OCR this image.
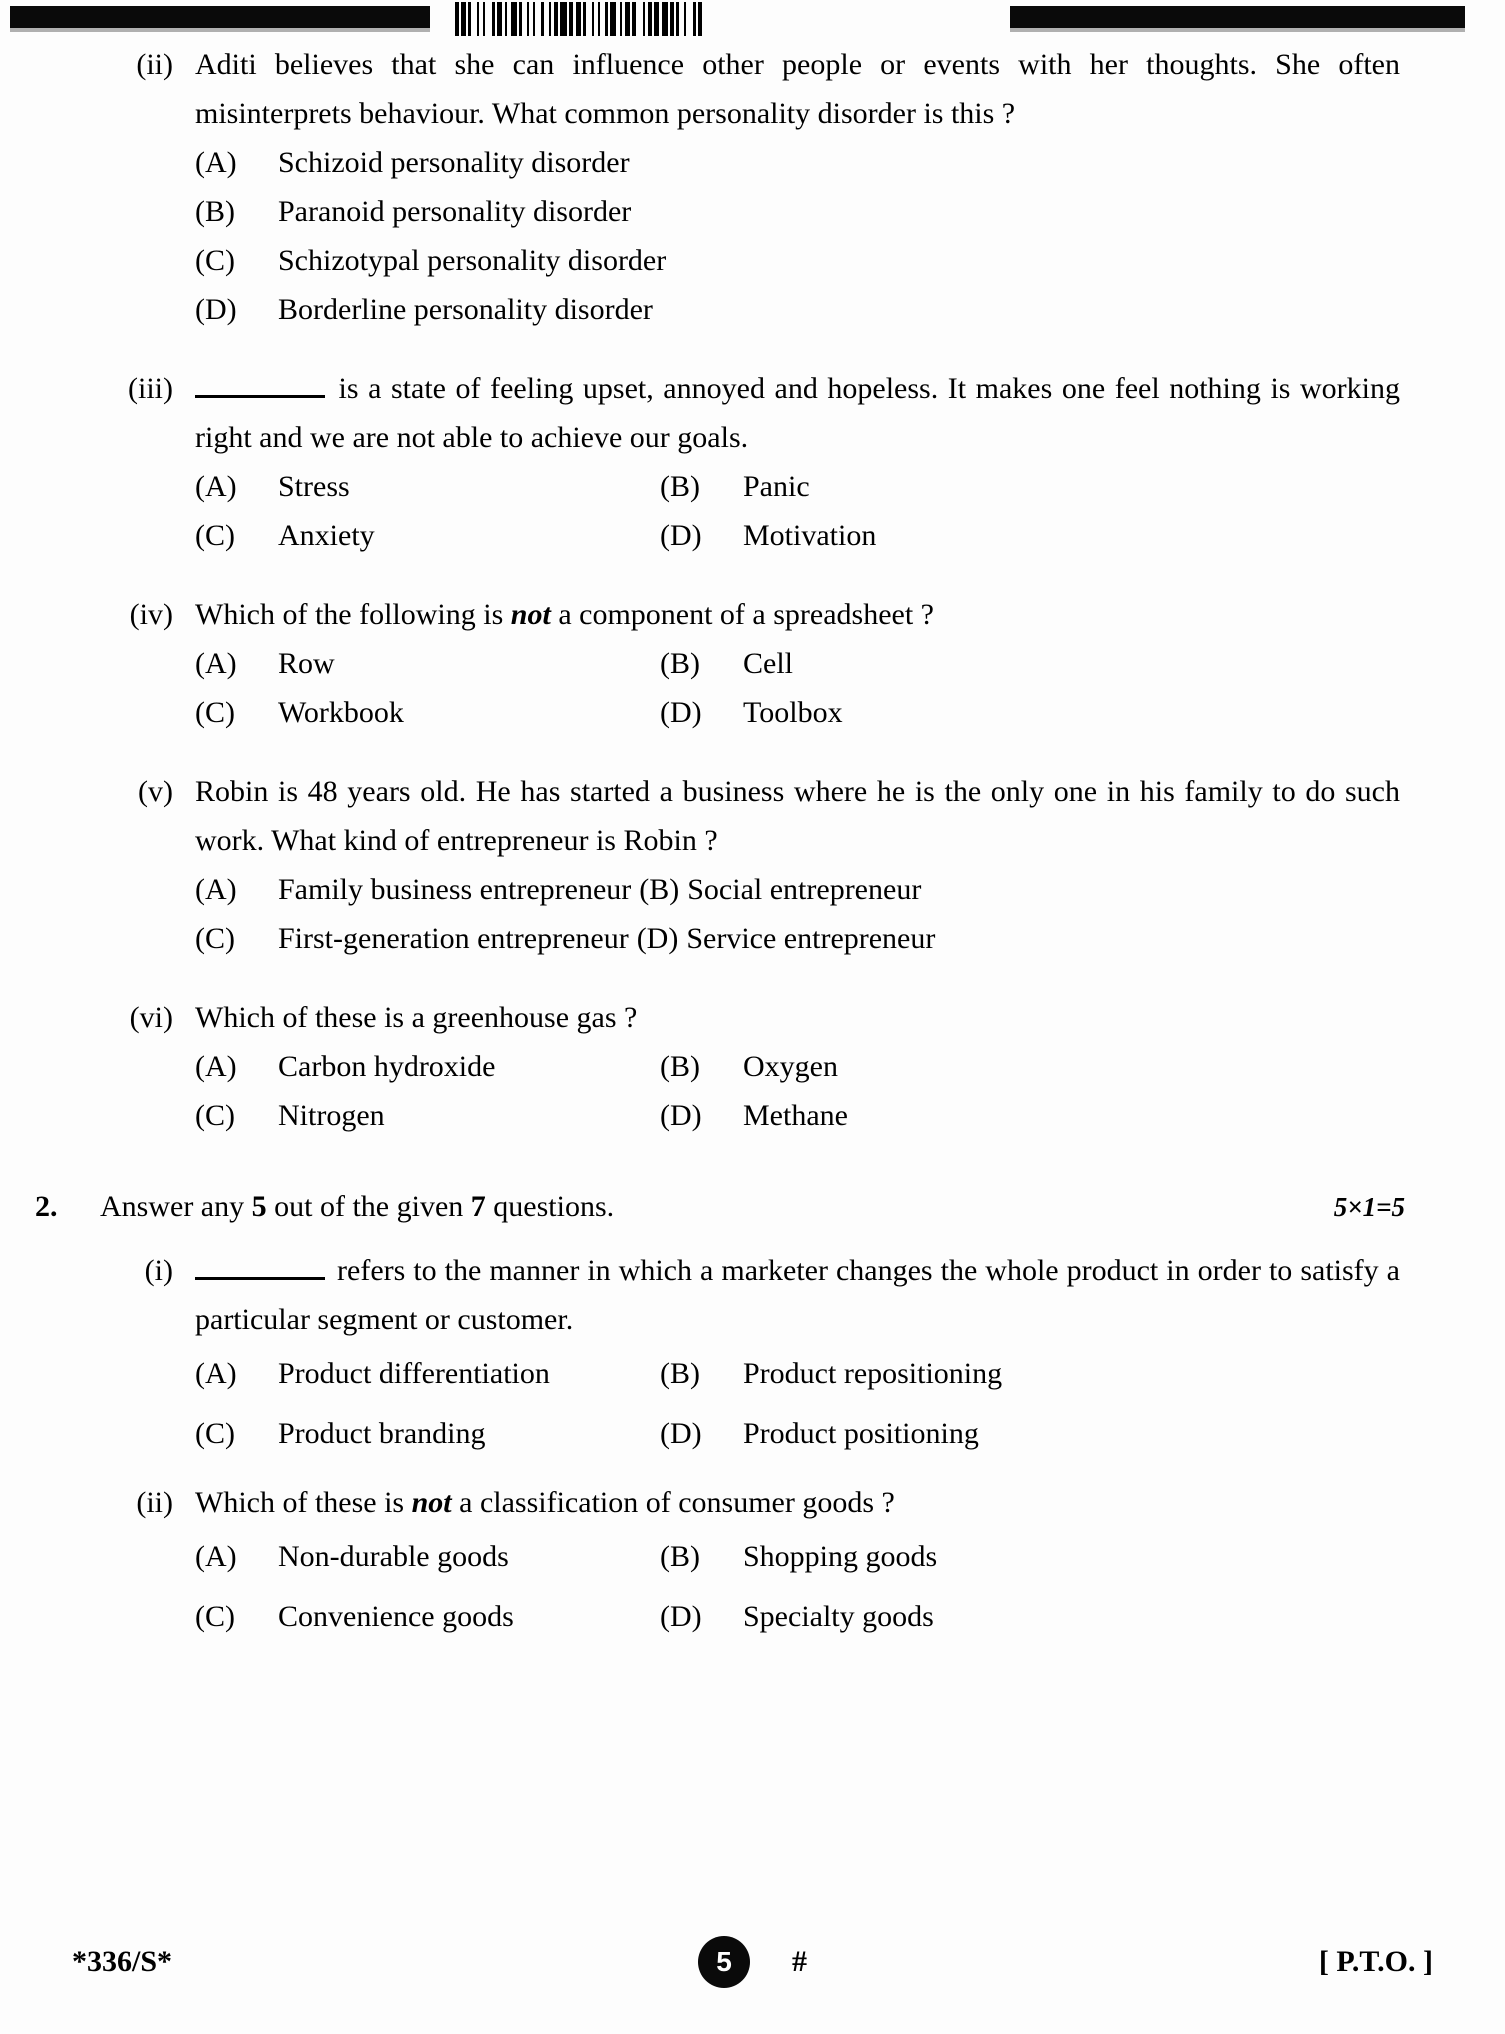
(ii) Aditi believes that she can influence other people or events with her thoughts. She often misinterprets behaviour. What common personality disorder is this ?
(A)	Schizoid personality disorder
(B)	Paranoid personality disorder
(C)	Schizotypal personality disorder
(D)	Borderline personality disorder
(iii)	is a state of feeling upset, annoyed and hopeless. It makes one feel nothing is working right and we are not able to achieve our goals.
(A)	Stress	(B)	Panic
(C)	Anxiety	(D)	Motivation
(iv) Which of the following is not a component of a spreadsheet ?
(A)	Row	(B)	Cell
(C)	Workbook	(D)	Toolbox
(v) Robin is 48 years old. He has started a business where he is the only one in his family to do such work. What kind of entrepreneur is Robin ?
(A) Family business entrepreneur (B) Social entrepreneur
(C) First-generation entrepreneur (D) Service entrepreneur
(vi) Which of these is a greenhouse gas ?
(A)	Carbon hydroxide	(B)	Oxygen
(C)	Nitrogen	(D)	Methane
2.	Answer any 5 out of the given 7 questions.	5×1=5
(i)	refers to the manner in which a marketer changes the whole product in order to satisfy a particular segment or customer.
(A)	Product differentiation	(B)	Product repositioning
(C)	Product branding	(D)	Product positioning
(ii) Which of these is not a classification of consumer goods ?
(A)	Non-durable goods	(B)	Shopping goods
(C)	Convenience goods	(D)	Specialty goods
*336/S*	5	#	[ P.T.O. ]
